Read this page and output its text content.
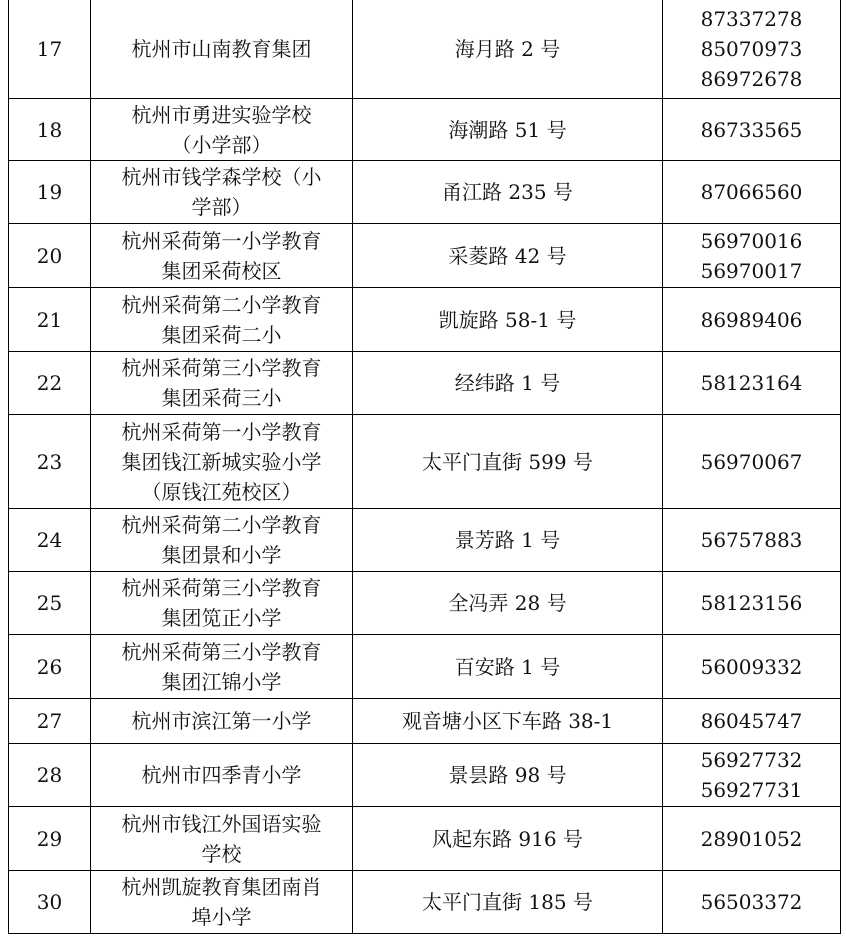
17	杭州市山南教育集团	海月路 2 号	87337278
85070973
86972678

18	杭州市勇进实验学校
（小学部）	海潮路 51 号	86733565

19	杭州市钱学森学校（小
学部）	甬江路 235 号	87066560

20	杭州采荷第一小学教育
集团采荷校区	采菱路 42 号	56970016
56970017

21	杭州采荷第二小学教育
集团采荷二小	凯旋路 58-1 号	86989406

22	杭州采荷第三小学教育
集团采荷三小	经纬路 1 号	58123164

23	杭州采荷第一小学教育
集团钱江新城实验小学
（原钱江苑校区）	太平门直街 599 号	56970067

24	杭州采荷第二小学教育
集团景和小学	景芳路 1 号	56757883

25	杭州采荷第三小学教育
集团笕正小学	全冯弄 28 号	58123156

26	杭州采荷第三小学教育
集团江锦小学	百安路 1 号	56009332

27	杭州市滨江第一小学	观音塘小区下车路 38-1	86045747

28	杭州市四季青小学	景昙路 98 号	56927732
56927731

29	杭州市钱江外国语实验
学校	风起东路 916 号	28901052

30	杭州凯旋教育集团南肖
埠小学	太平门直街 185 号	56503372
